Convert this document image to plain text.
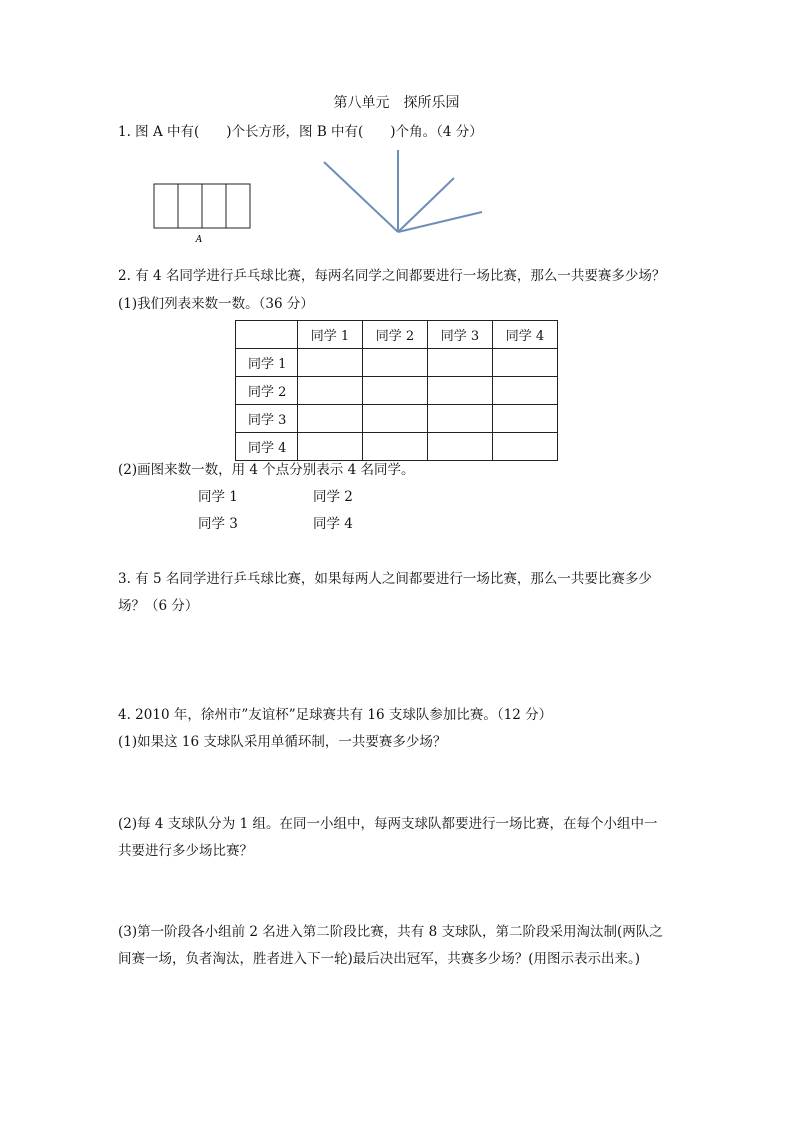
第八单元　探所乐园
1. 图 A 中有(　　)个长方形，图 B 中有(　　)个角。（4 分）
A
2. 有 4 名同学进行乒乓球比赛，每两名同学之间都要进行一场比赛，那么一共要赛多少场？
(1)我们列表来数一数。（36 分）
	同学 1	同学 2	同学 3	同学 4
同学 1				
同学 2				
同学 3				
同学 4				
(2)画图来数一数，用 4 个点分别表示 4 名同学。
同学 1	同学 2
同学 3	同学 4
3. 有 5 名同学进行乒乓球比赛，如果每两人之间都要进行一场比赛，那么一共要比赛多少
场？（6 分）
4. 2010 年，徐州市”友谊杯”足球赛共有 16 支球队参加比赛。（12 分）
(1)如果这 16 支球队采用单循环制，一共要赛多少场？
(2)每 4 支球队分为 1 组。在同一小组中，每两支球队都要进行一场比赛，在每个小组中一
共要进行多少场比赛？
(3)第一阶段各小组前 2 名进入第二阶段比赛，共有 8 支球队，第二阶段采用淘汰制(两队之
间赛一场，负者淘汰，胜者进入下一轮)最后决出冠军，共赛多少场？(用图示表示出来。)
